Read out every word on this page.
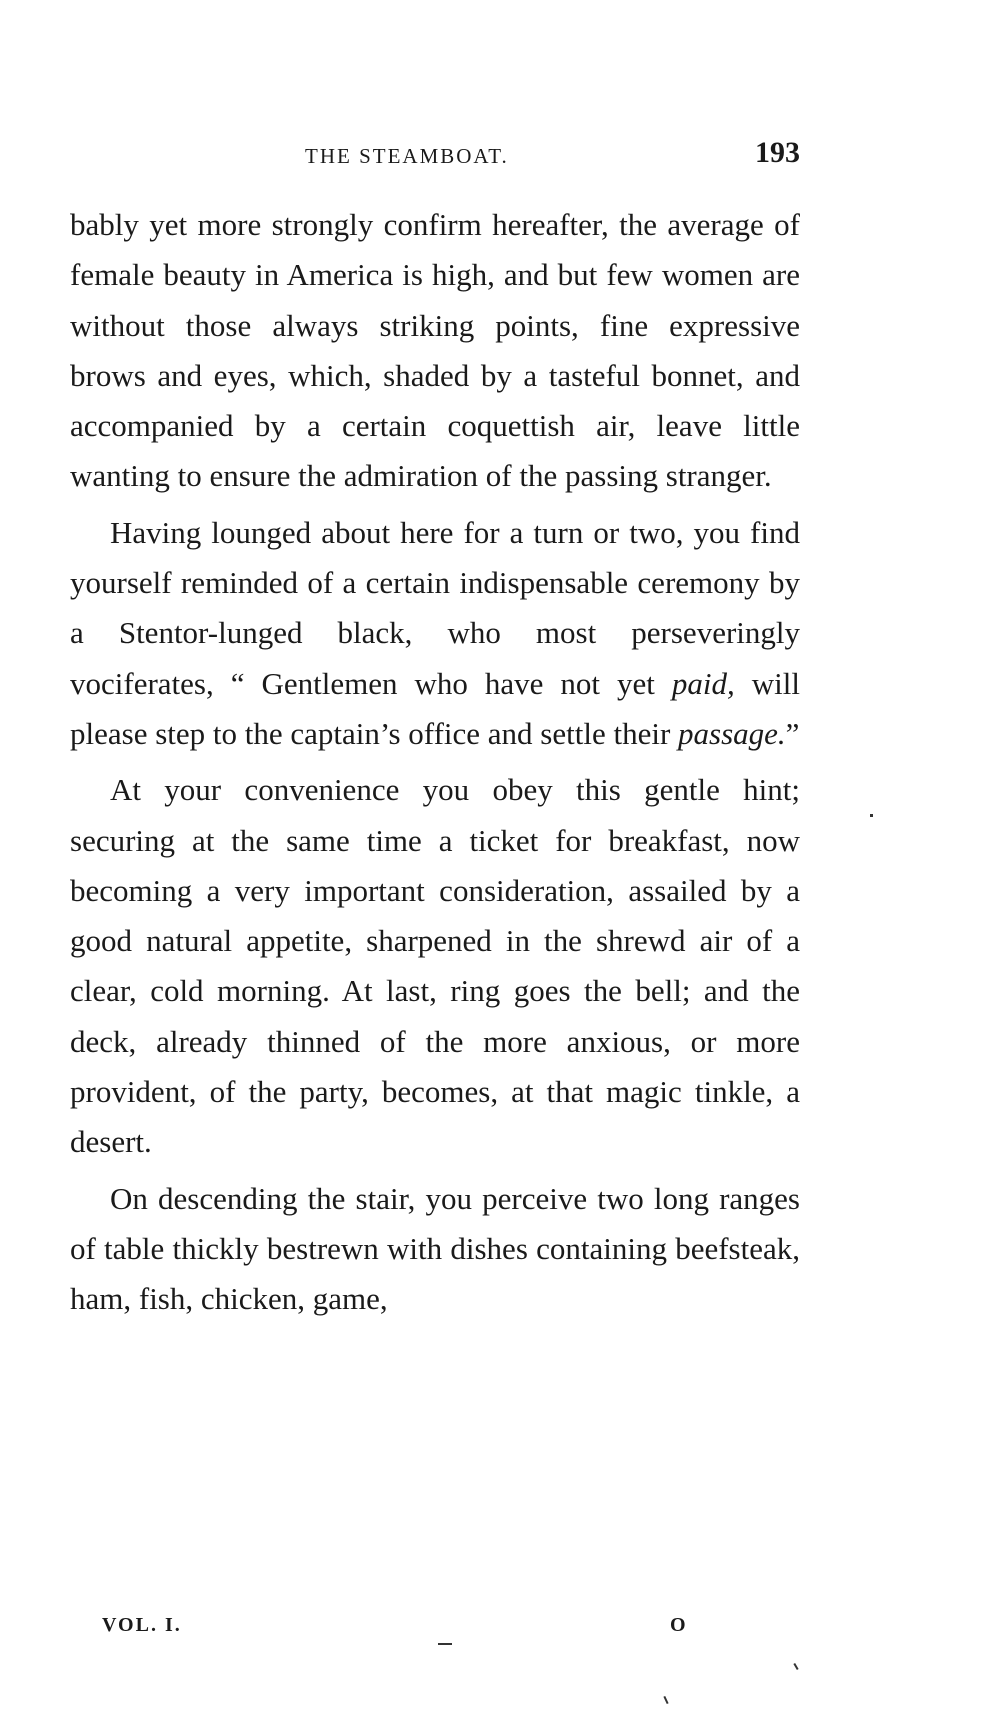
THE STEAMBOAT.	193

bably yet more strongly confirm hereafter, the average of female beauty in America is high, and but few women are without those always striking points, fine expressive brows and eyes, which, shaded by a tasteful bonnet, and accompanied by a certain coquettish air, leave little wanting to ensure the admiration of the passing stranger.

Having lounged about here for a turn or two, you find yourself reminded of a certain indispensable ceremony by a Stentor-lunged black, who most perseveringly vociferates, “ Gentlemen who have not yet paid, will please step to the captain’s office and settle their passage.”

At your convenience you obey this gentle hint; securing at the same time a ticket for breakfast, now becoming a very important consideration, assailed by a good natural appetite, sharpened in the shrewd air of a clear, cold morning. At last, ring goes the bell; and the deck, already thinned of the more anxious, or more provident, of the party, becomes, at that magic tinkle, a desert.

On descending the stair, you perceive two long ranges of table thickly bestrewn with dishes containing beefsteak, ham, fish, chicken, game,

VOL. I.	O
